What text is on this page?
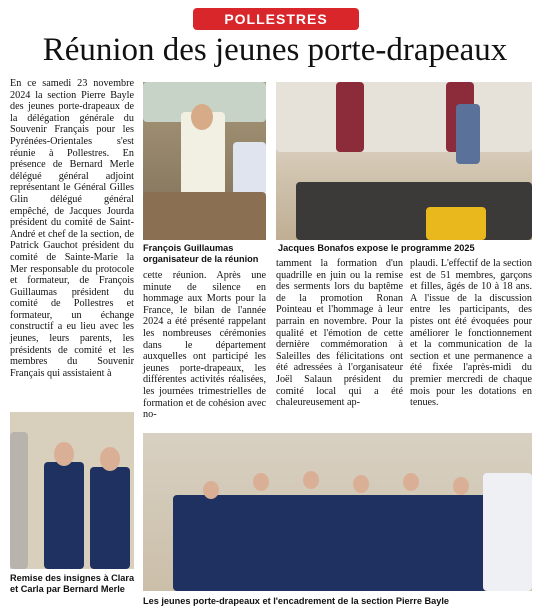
POLLESTRES
Réunion des jeunes porte-drapeaux

En ce samedi 23 novembre 2024 la section Pierre Bayle des jeunes porte-drapeaux de la délégation générale du Souvenir Français pour les Pyrénées-Orientales s'est réunie à Pollestres. En présence de Bernard Merle délégué général adjoint représentant le Général Gilles Glin délégué général empêché, de Jacques Jourda président du comité de Saint-André et chef de la section, de Patrick Gauchot président du comité de Sainte-Marie la Mer responsable du protocole et formateur, de François Guillaumas président du comité de Pollestres et formateur, un échange constructif a eu lieu avec les jeunes, leurs parents, les présidents de comité et les membres du Souvenir Français qui assistaient à

François Guillaumas organisateur de la réunion
Jacques Bonafos expose le programme 2025

cette réunion. Après une minute de silence en hommage aux Morts pour la France, le bilan de l'année 2024 a été présenté rappelant les nombreuses cérémonies dans le département auxquelles ont participé les jeunes porte-drapeaux, les différentes activités réalisées, les journées trimestrielles de formation et de cohésion avec no-

tamment la formation d'un quadrille en juin ou la remise des serments lors du baptême de la promotion Ronan Pointeau et l'hommage à leur parrain en novembre. Pour la qualité et l'émotion de cette dernière commémoration à Saleilles des félicitations ont été adressées à l'organisateur Joël Salaun président du comité local qui a été chaleureusement ap-

plaudi. L'effectif de la section est de 51 membres, garçons et filles, âgés de 10 à 18 ans. A l'issue de la discussion entre les participants, des pistes ont été évoquées pour améliorer le fonctionnement et la communication de la section et une permanence a été fixée l'après-midi du premier mercredi de chaque mois pour les dotations en tenues.

Remise des insignes à Clara et Carla par Bernard Merle
Les jeunes porte-drapeaux et l'encadrement de la section Pierre Bayle
